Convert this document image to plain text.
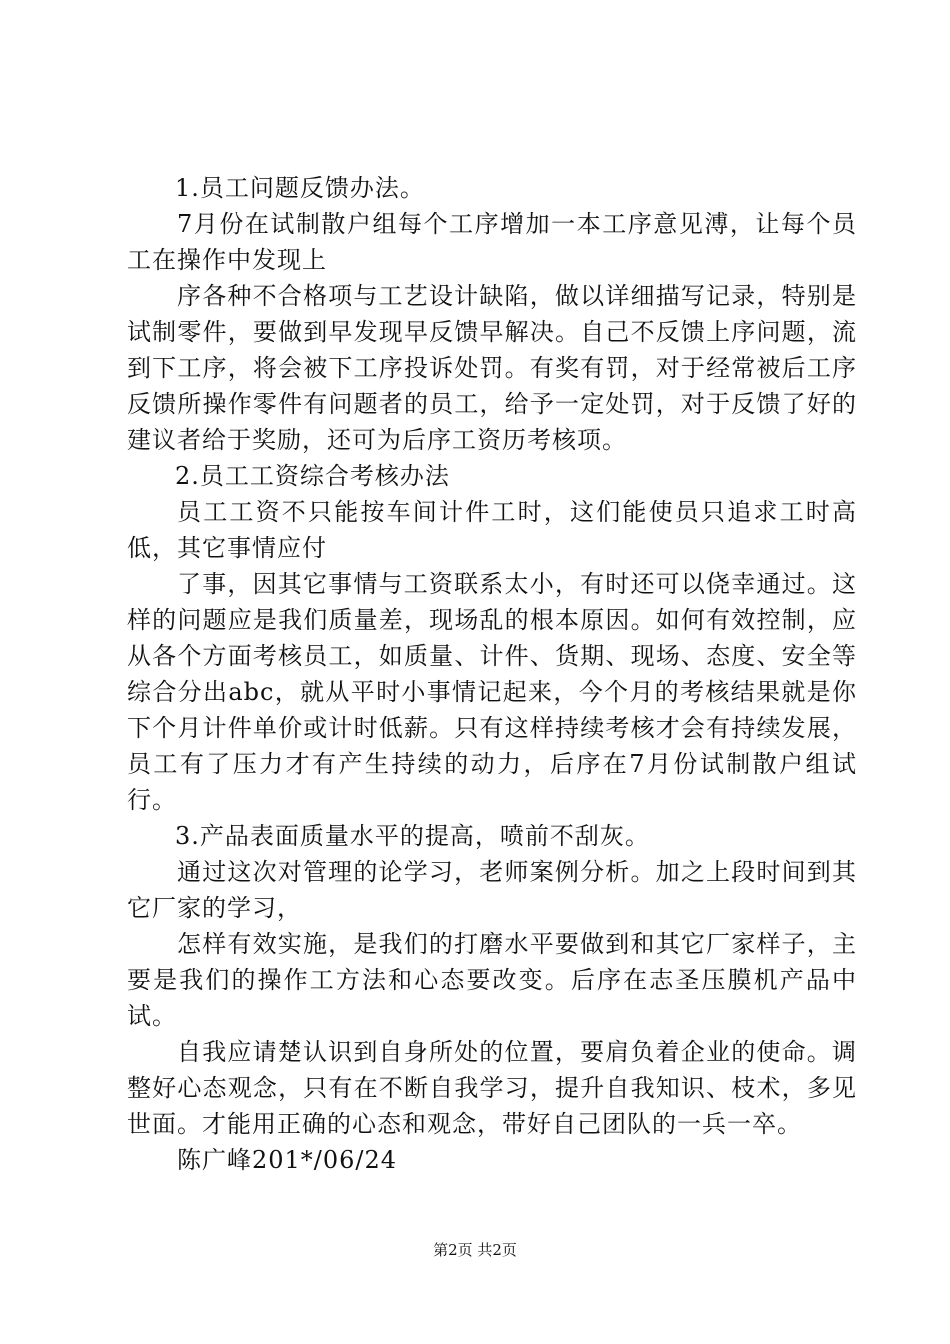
1.员工问题反馈办法。

7月份在试制散户组每个工序增加一本工序意见溥，让每个员工在操作中发现上

序各种不合格项与工艺设计缺陷，做以详细描写记录，特别是试制零件，要做到早发现早反馈早解决。自己不反馈上序问题，流到下工序，将会被下工序投诉处罚。有奖有罚，对于经常被后工序反馈所操作零件有问题者的员工，给予一定处罚，对于反馈了好的建议者给于奖励，还可为后序工资历考核项。

2.员工工资综合考核办法

员工工资不只能按车间计件工时，这们能使员只追求工时高低，其它事情应付

了事，因其它事情与工资联系太小，有时还可以侥幸通过。这样的问题应是我们质量差，现场乱的根本原因。如何有效控制，应从各个方面考核员工，如质量、计件、货期、现场、态度、安全等综合分出abc，就从平时小事情记起来，今个月的考核结果就是你下个月计件单价或计时低薪。只有这样持续考核才会有持续发展，员工有了压力才有产生持续的动力，后序在7月份试制散户组试行。

3.产品表面质量水平的提高，喷前不刮灰。

通过这次对管理的论学习，老师案例分析。加之上段时间到其它厂家的学习，

怎样有效实施，是我们的打磨水平要做到和其它厂家样子，主要是我们的操作工方法和心态要改变。后序在志圣压膜机产品中试。

自我应请楚认识到自身所处的位置，要肩负着企业的使命。调整好心态观念，只有在不断自我学习，提升自我知识、枝术，多见世面。才能用正确的心态和观念，带好自己团队的一兵一卒。

陈广峰201*/06/24

第2页 共2页
